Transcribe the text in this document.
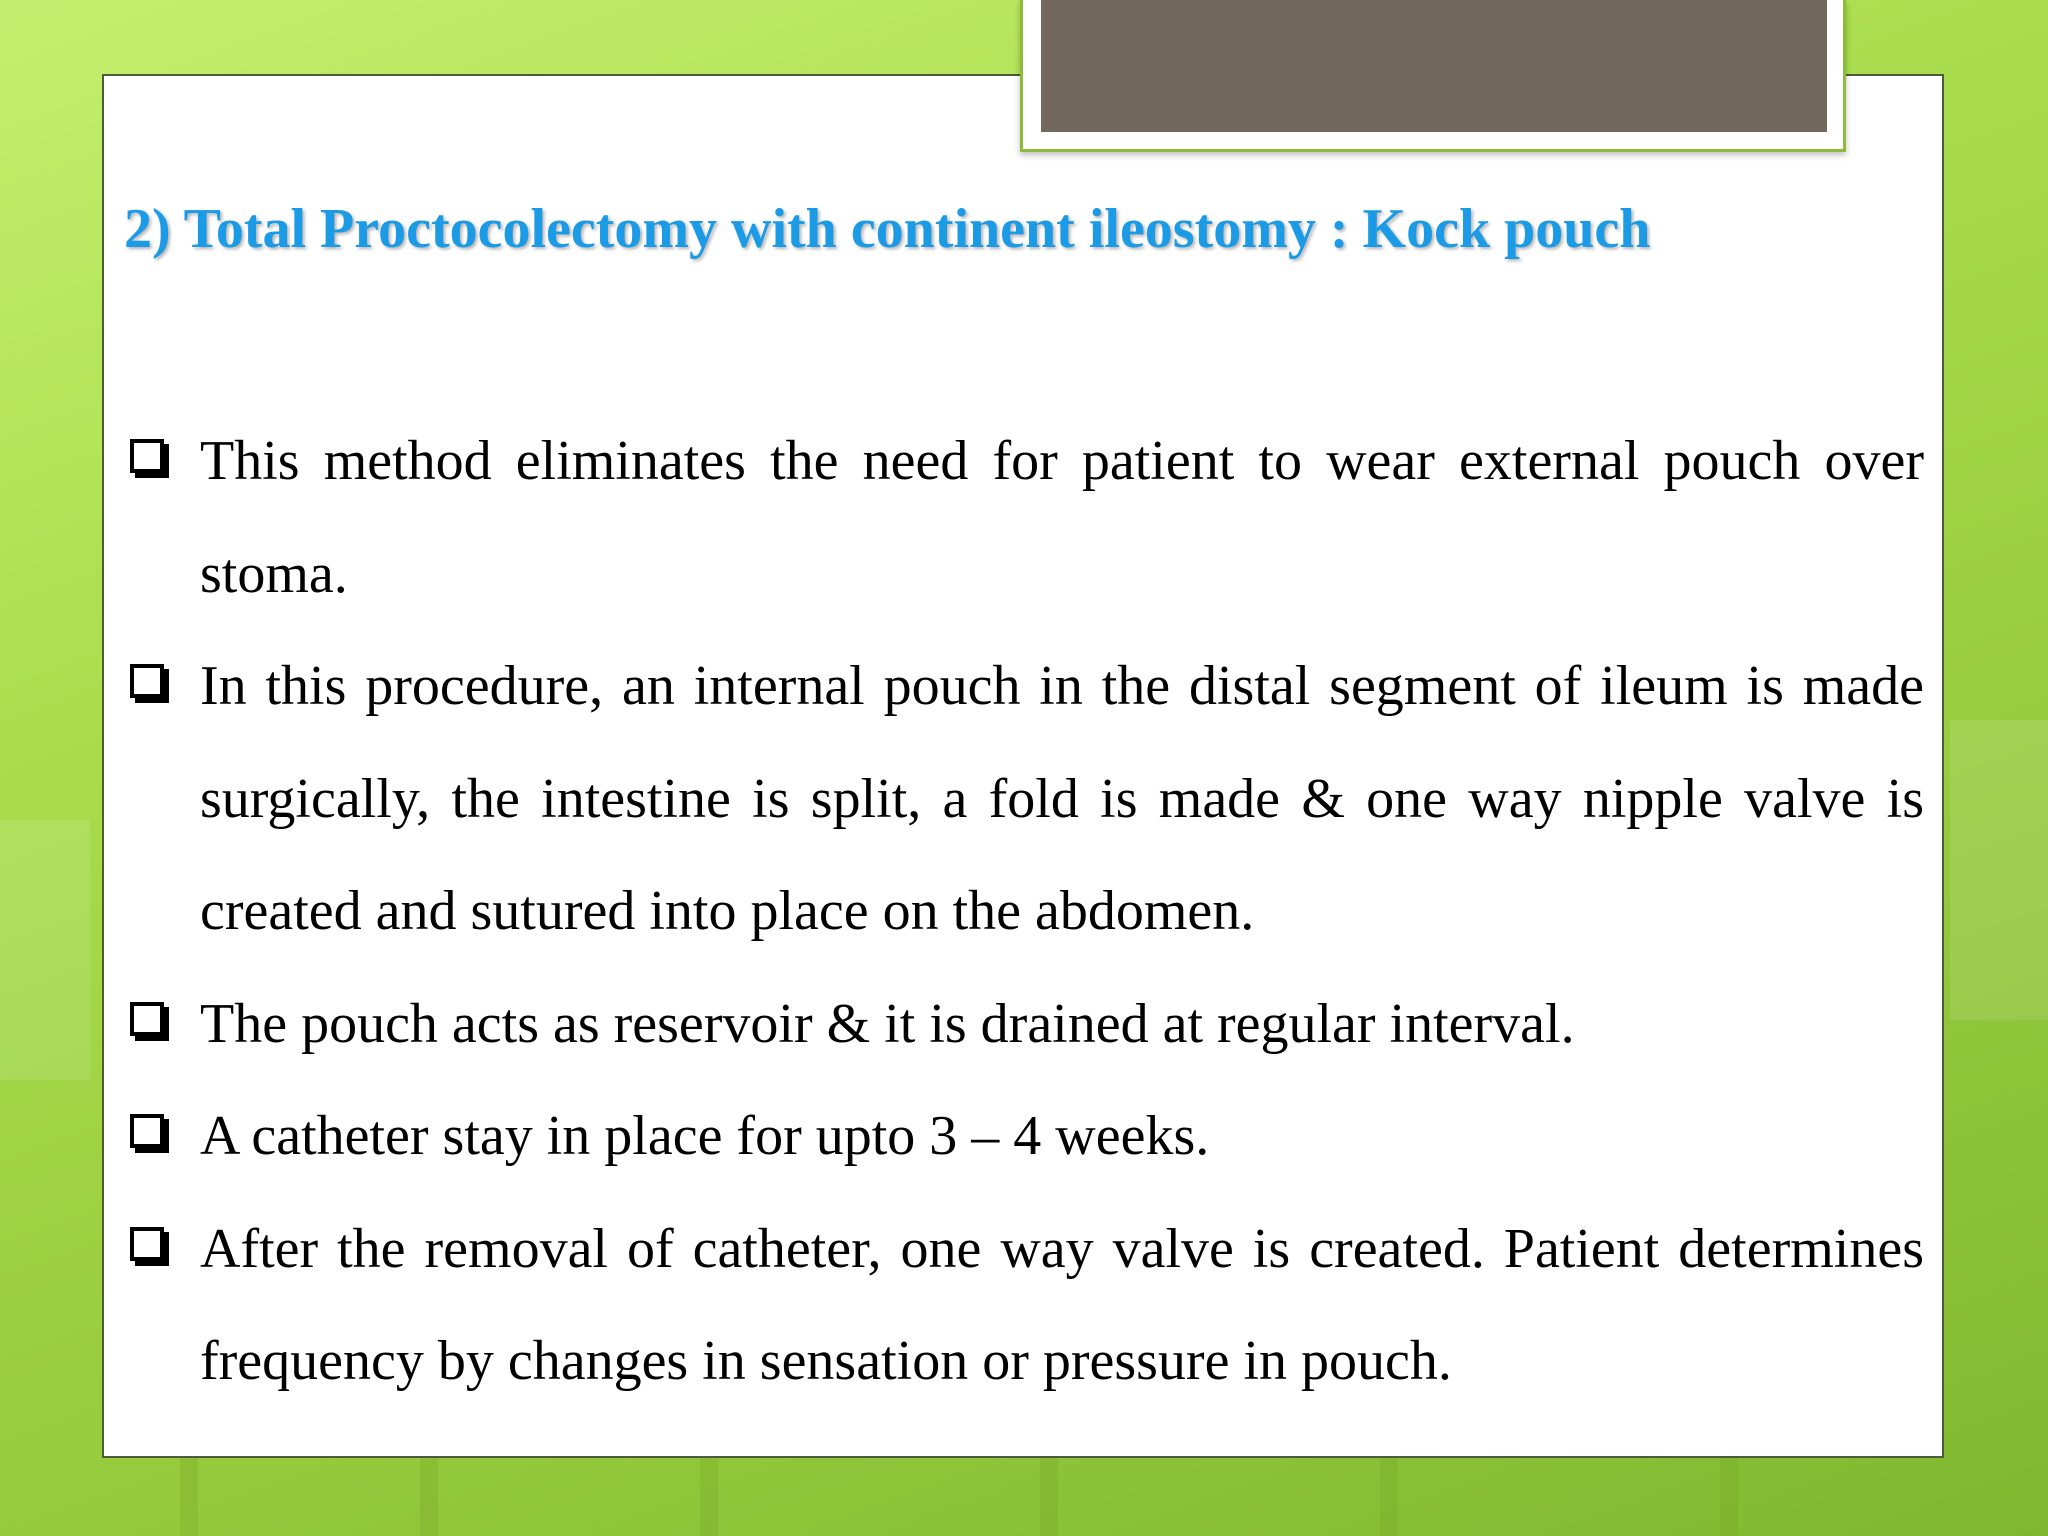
2) Total Proctocolectomy with continent ileostomy : Kock pouch
This method eliminates the need for patient to wear external pouch over stoma.
In this procedure, an internal pouch in the distal segment of ileum is made surgically, the intestine is split, a fold is made & one way nipple valve is created and sutured into place on the abdomen.
The pouch acts as reservoir & it is drained at regular interval.
A catheter stay in place for upto 3 – 4 weeks.
After the removal of catheter, one way valve is created. Patient determines frequency by changes in sensation or pressure in pouch.
